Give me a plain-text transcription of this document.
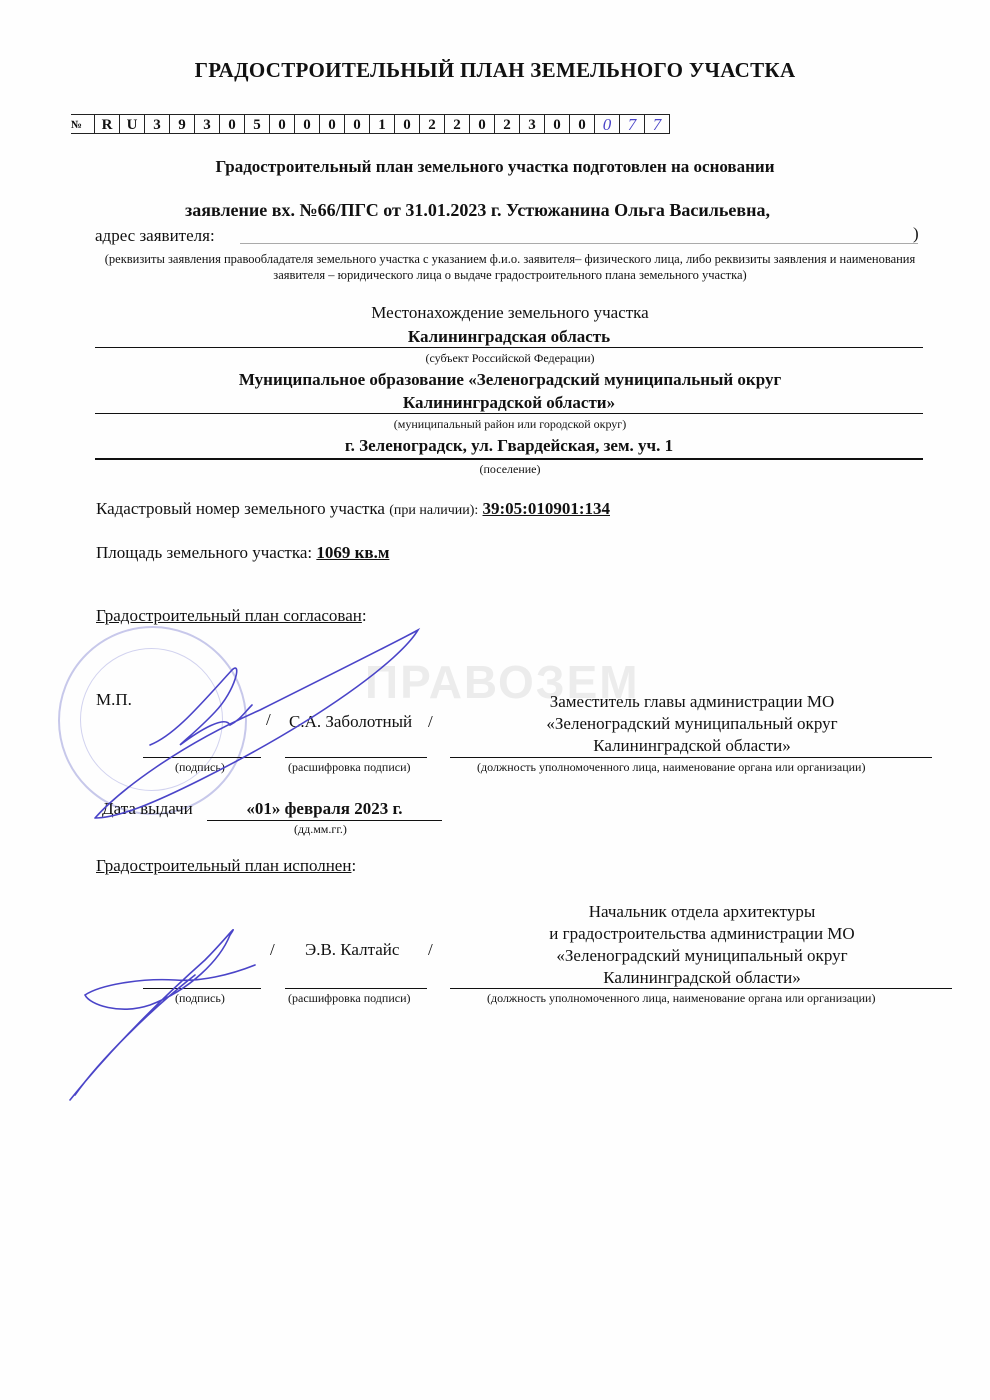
ГРАДОСТРОИТЕЛЬНЫЙ ПЛАН ЗЕМЕЛЬНОГО УЧАСТКА
№	R U	3	9	3	0	5	0	0	0	0	1	0	2	2	0	2	3	0	0	0 7 7
Градостроительный план земельного участка подготовлен на основании
заявление вх. №66/ПГС от 31.01.2023 г. Устюжанина Ольга Васильевна,
адрес заявителя:	)
(реквизиты заявления правообладателя земельного участка с указанием ф.и.о. заявителя– физического лица, либо реквизиты заявления и наименования заявителя – юридического лица о выдаче градостроительного плана земельного участка)
Местонахождение земельного участка
Калининградская область
(субъект Российской Федерации)
Муниципальное образование «Зеленоградский муниципальный округ
Калининградской области»
(муниципальный район или городской округ)
г. Зеленоградск, ул. Гвардейская, зем. уч. 1
(поселение)
Кадастровый номер земельного участка (при наличии): 39:05:010901:134
Площадь земельного участка: 1069 кв.м
Градостроительный план согласован:
ПРАВОЗЕМ
М.П.
/ С.А. Заболотный /
Заместитель главы администрации МО
«Зеленоградский муниципальный округ
Калининградской области»
(подпись)	(расшифровка подписи)	(должность уполномоченного лица, наименование органа или организации)
Дата выдачи	«01» февраля 2023 г.
(дд.мм.гг.)
Градостроительный план исполнен:
Начальник отдела архитектуры
и градостроительства администрации МО
«Зеленоградский муниципальный округ
Калининградской области»
/ Э.В. Калтайс /
(подпись)	(расшифровка подписи)	(должность уполномоченного лица, наименование органа или организации)
